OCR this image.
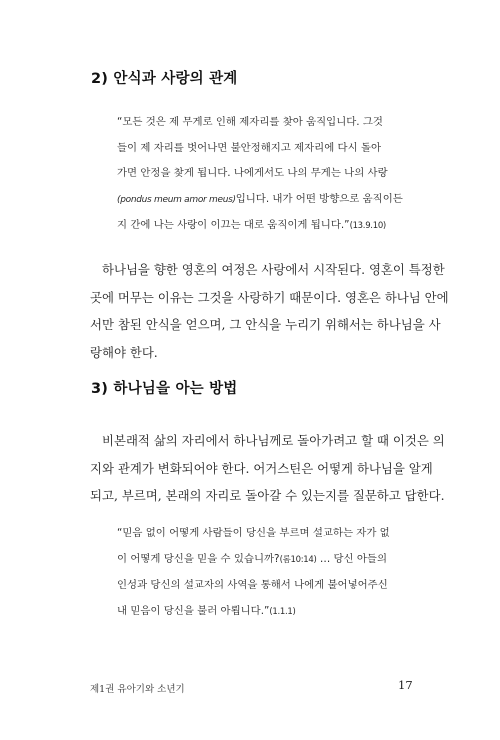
2) 안식과 사랑의 관계
“모든 것은 제 무게로 인해 제자리를 찾아 움직입니다. 그것
들이 제 자리를 벗어나면 불안정해지고 제자리에 다시 돌아
가면 안정을 찾게 됩니다. 나에게서도 나의 무게는 나의 사랑
(pondus meum amor meus)입니다. 내가 어떤 방향으로 움직이든
지 간에 나는 사랑이 이끄는 대로 움직이게 됩니다.”(13.9.10)
하나님을 향한 영혼의 여정은 사랑에서 시작된다. 영혼이 특정한
곳에 머무는 이유는 그것을 사랑하기 때문이다. 영혼은 하나님 안에
서만 참된 안식을 얻으며, 그 안식을 누리기 위해서는 하나님을 사
랑해야 한다.
3) 하나님을 아는 방법
비본래적 삶의 자리에서 하나님께로 돌아가려고 할 때 이것은 의
지와 관계가 변화되어야 한다. 어거스틴은 어떻게 하나님을 알게
되고, 부르며, 본래의 자리로 돌아갈 수 있는지를 질문하고 답한다.
“믿음 없이 어떻게 사람들이 당신을 부르며 설교하는 자가 없
이 어떻게 당신을 믿을 수 있습니까?(롬10:14) … 당신 아들의
인성과 당신의 설교자의 사역을 통해서 나에게 불어넣어주신
내 믿음이 당신을 불러 아룁니다.”(1.1.1)
제1권 유아기와 소년기	17
